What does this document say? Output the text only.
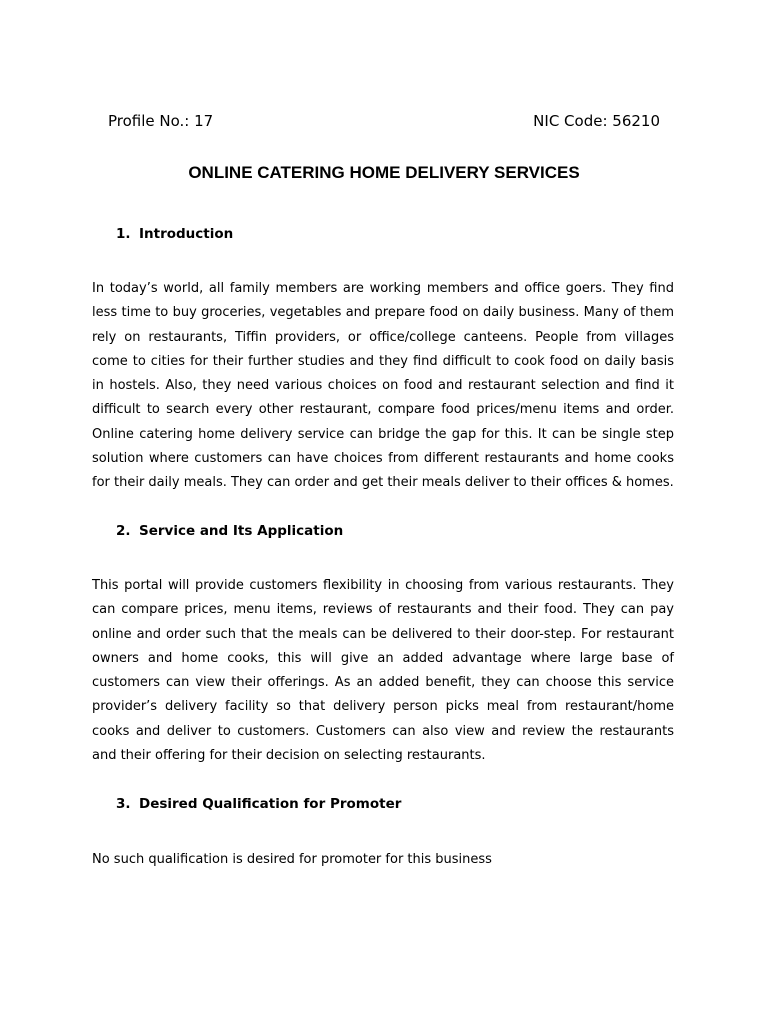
Profile No.: 17	NIC Code: 56210
ONLINE CATERING HOME DELIVERY SERVICES
1. Introduction

In today’s world, all family members are working members and office goers. They find less time to buy groceries, vegetables and prepare food on daily business. Many of them rely on restaurants, Tiffin providers, or office/college canteens. People from villages come to cities for their further studies and they find difficult to cook food on daily basis in hostels. Also, they need various choices on food and restaurant selection and find it difficult to search every other restaurant, compare food prices/menu items and order. Online catering home delivery service can bridge the gap for this. It can be single step solution where customers can have choices from different restaurants and home cooks for their daily meals. They can order and get their meals deliver to their offices & homes.

2. Service and Its Application

This portal will provide customers flexibility in choosing from various restaurants. They can compare prices, menu items, reviews of restaurants and their food. They can pay online and order such that the meals can be delivered to their door-step. For restaurant owners and home cooks, this will give an added advantage where large base of customers can view their offerings. As an added benefit, they can choose this service provider’s delivery facility so that delivery person picks meal from restaurant/home cooks and deliver to customers. Customers can also view and review the restaurants and their offering for their decision on selecting restaurants.

3. Desired Qualification for Promoter

No such qualification is desired for promoter for this business
